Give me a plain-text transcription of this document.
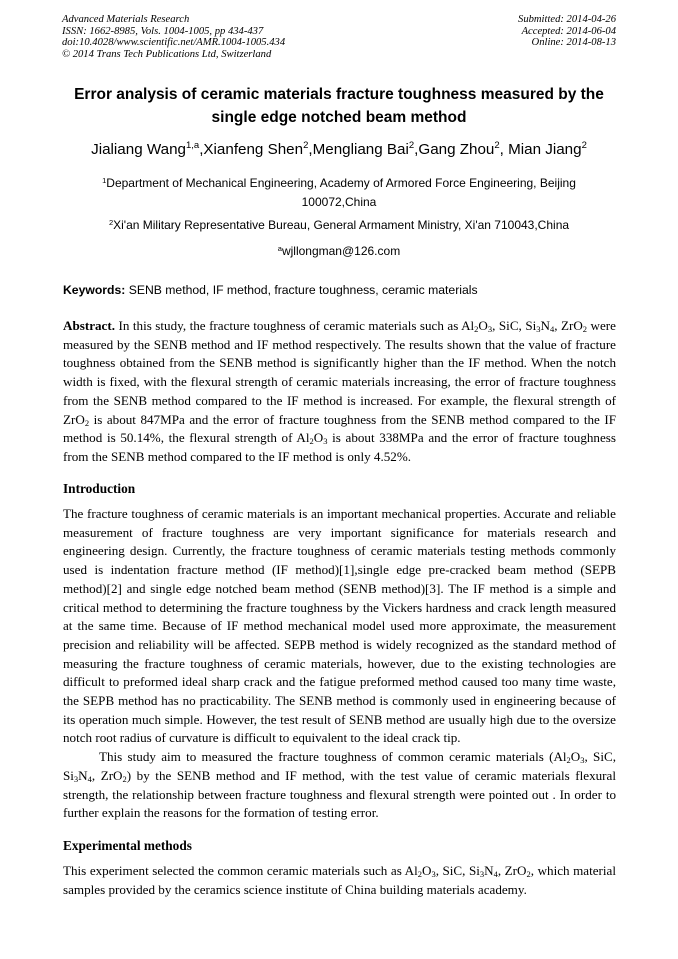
Advanced Materials Research
ISSN: 1662-8985, Vols. 1004-1005, pp 434-437
doi:10.4028/www.scientific.net/AMR.1004-1005.434
© 2014 Trans Tech Publications Ltd, Switzerland
Submitted: 2014-04-26
Accepted: 2014-06-04
Online: 2014-08-13
Error analysis of ceramic materials fracture toughness measured by the
single edge notched beam method
Jialiang Wang$^{1,a}$,Xianfeng Shen$^2$,Mengliang Bai$^2$,Gang Zhou$^2$, Mian Jiang$^2$
$^1$Department of Mechanical Engineering, Academy of Armored Force Engineering, Beijing
100072,China
$^2$Xi'an Military Representative Bureau, General Armament Ministry, Xi'an 710043,China
$^a$wjllongman@126.com
Keywords: SENB method, IF method, fracture toughness, ceramic materials
Abstract. In this study, the fracture toughness of ceramic materials such as $Al_2O_3$, SiC, $Si_3N_4$, ZrO$_2$ were measured by the SENB method and IF method respectively. The results shown that the value of fracture toughness obtained from the SENB method is significantly higher than the IF method. When the notch width is fixed, with the flexural strength of ceramic materials increasing, the error of fracture toughness from the SENB method compared to the IF method is increased. For example, the flexural strength of ZrO$_2$ is about 847MPa and the error of fracture toughness from the SENB method compared to the IF method is 50.14%, the flexural strength of $Al_2O_3$ is about 338MPa and the error of fracture toughness from the SENB method compared to the IF method is only 4.52%.
Introduction
The fracture toughness of ceramic materials is an important mechanical properties. Accurate and reliable measurement of fracture toughness are very important significance for materials research and engineering design. Currently, the fracture toughness of ceramic materials testing methods commonly used is indentation fracture method (IF method)[1],single edge pre-cracked beam method (SEPB method)[2] and single edge notched beam method (SENB method)[3]. The IF method is a simple and critical method to determining the fracture toughness by the Vickers hardness and crack length measured at the same time. Because of IF method mechanical model used more approximate, the measurement precision and reliability will be affected. SEPB method is widely recognized as the standard method of measuring the fracture toughness of ceramic materials, however, due to the existing technologies are difficult to preformed ideal sharp crack and the fatigue preformed method caused too many time waste, the SEPB method has no practicability. The SENB method is commonly used in engineering because of its operation much simple. However, the test result of SENB method are usually high due to the oversize notch root radius of curvature is difficult to equivalent to the ideal crack tip.
This study aim to measured the fracture toughness of common ceramic materials ($Al_2O_3$, SiC, $Si_3N_4$, ZrO$_2$) by the SENB method and IF method, with the test value of ceramic materials flexural strength, the relationship between fracture toughness and flexural strength were pointed out . In order to further explain the reasons for the formation of testing error.
Experimental methods
This experiment selected the common ceramic materials such as $Al_2O_3$, SiC, $Si_3N_4$, ZrO$_2$, which material samples provided by the ceramics science institute of China building materials academy.
